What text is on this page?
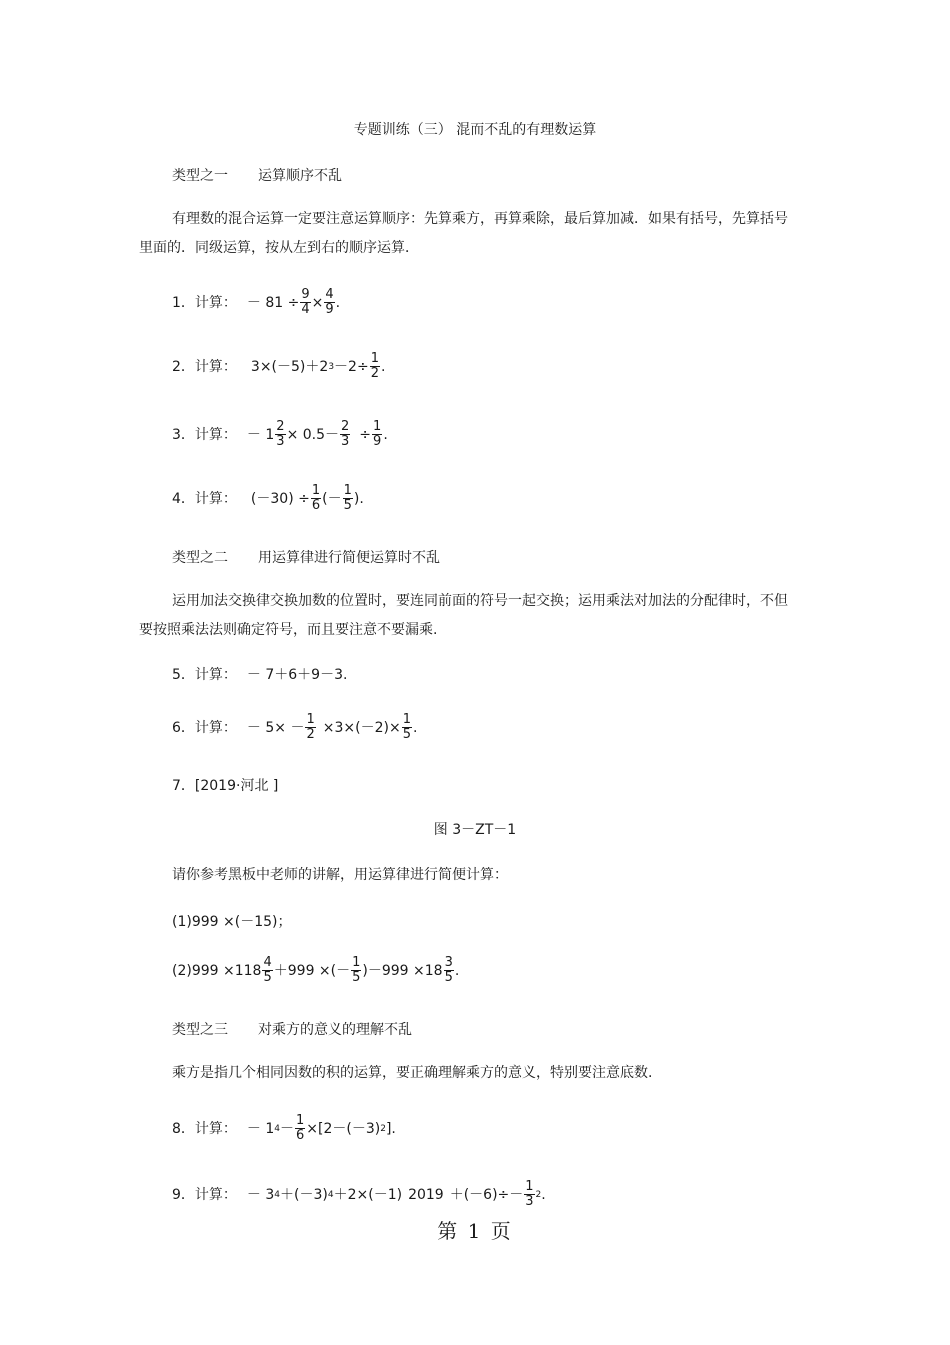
专题训练（三） 混而不乱的有理数运算
类型之一 运算顺序不乱
有理数的混合运算一定要注意运算顺序：先算乘方，再算乘除，最后算加减．如果有括号，先算括号里面的．同级运算，按从左到右的顺序运算．
1．计算： － $81 \div \frac{9}{4} \times \frac{4}{9}$ .
2．计算： 3×(－5)＋2 $3 -2\div \frac{1}{2}$ .
3．计算： － $1 \frac{2}{3} \times 0.5- \frac{2}{3} \div \frac{1}{9}$ .
4．计算： $(-30) \div \frac{1}{6}$ (－ $\frac{1}{5}$ ).
类型之二 用运算律进行简便运算时不乱
运用加法交换律交换加数的位置时，要连同前面的符号一起交换；运用乘法对加法的分配律时，不但要按照乘法法则确定符号，而且要注意不要漏乘.
5．计算： － 7＋6＋9－3.
6．计算： － $5\times - \frac{1}{2} \times 3\times(-2)\times \frac{1}{5}$ .
7．[2019·河北 ]
图 3－ZT－1
请你参考黑板中老师的讲解，用运算律进行简便计算：
(1)999 ×(－15)；
$(2)999 \times 118 \frac{4}{5} +999$ ×(－ $\frac{1}{5} )-999 \times 18 \frac{3}{5}$ .
类型之三 对乘方的意义的理解不乱
乘方是指几个相同因数的积的运算，要正确理解乘方的意义，特别要注意底数.
8．计算： － 1 $4 - \frac{1}{6} \times[2-(-3)$ 2 ].
9．计算： － 3 4 ＋(－3) 4 ＋2×(－1) $2019 +(-6)\div- \frac{1}{3} 2$ .
第 1 页
